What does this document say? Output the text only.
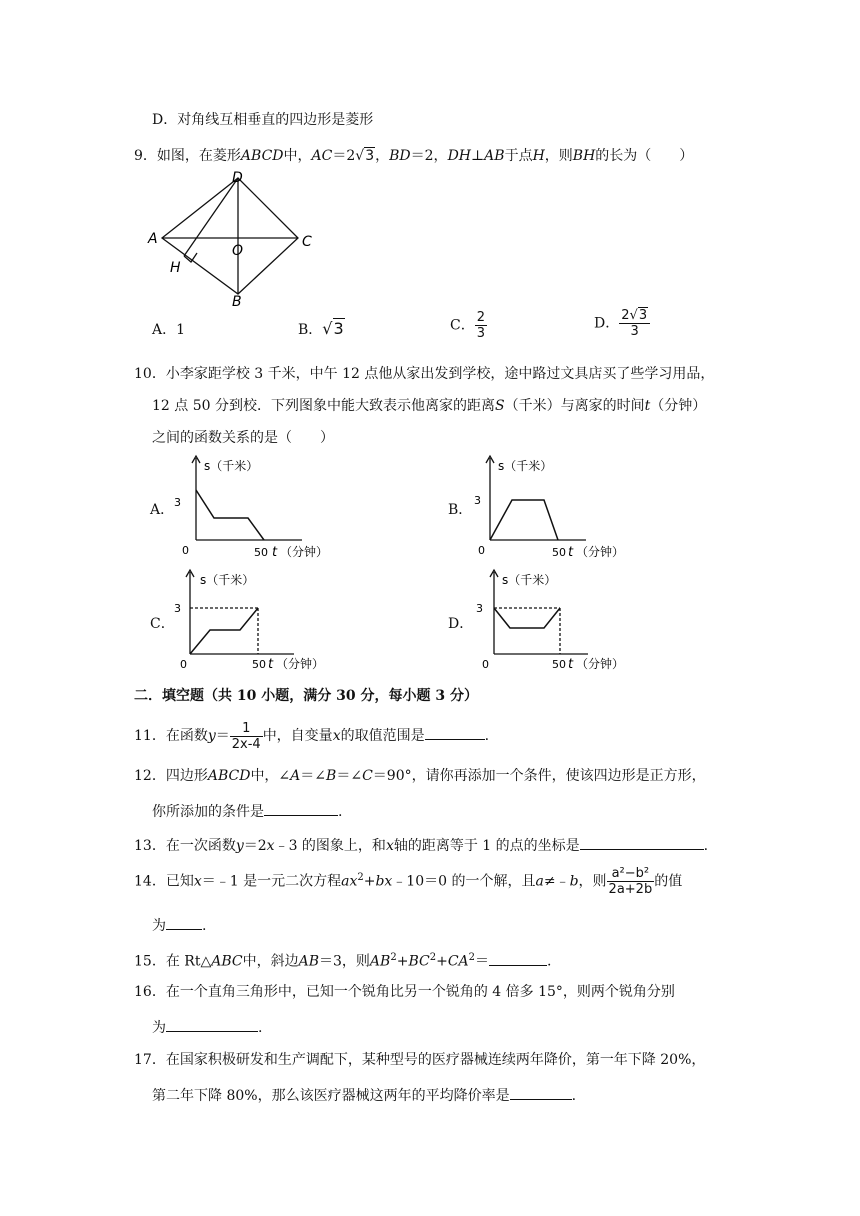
D．对角线互相垂直的四边形是菱形
9．如图，在菱形ABCD中，AC＝2√3，BD＝2，DH⊥AB于点H，则BH的长为（　　）
D
A	C
B
O
H
A．1	B．√3	C． $\frac{2}{3}$	D． $\frac{2√3}{3}$
10．小李家距学校 3 千米，中午 12 点他从家出发到学校，途中路过文具店买了些学习用品，
12 点 50 分到校．下列图象中能大致表示他离家的距离S（千米）与离家的时间t（分钟）
之间的函数关系的是（　　）
A．	B．
C．	D．
s（千米）
3
0	50 t （分钟）
s（千米）
3
0	50 t （分钟）
s（千米）
3
0	50 t （分钟）
s（千米）
3
0	50 t （分钟）
二．填空题（共 10 小题，满分 30 分，每小题 3 分）
11．在函数$y= \frac{1}{2x-4}$ 中，自变量x的取值范围是	.
12．四边形ABCD中，∠A＝∠B＝∠C＝90°，请你再添加一个条件，使该四边形是正方形，
你所添加的条件是	.
13．在一次函数y＝2x﹣3 的图象上，和x轴的距离等于 1 的点的坐标是	.
14．已知x＝﹣1 是一元二次方程$ax^2+bx﹣10=0$ 的一个解，且a≠﹣b，则 $\frac{\text{a²−b²}}{2a+2b}$ 的值
为	.
15．在 Rt△ABC中，斜边AB＝3，则$AB^2+BC^2+CA^2=$	.
16．在一个直角三角形中，已知一个锐角比另一个锐角的 4 倍多 15°，则两个锐角分别
为	.
17．在国家积极研发和生产调配下，某种型号的医疗器械连续两年降价，第一年下降 20%，
第二年下降 80%，那么该医疗器械这两年的平均降价率是	.
